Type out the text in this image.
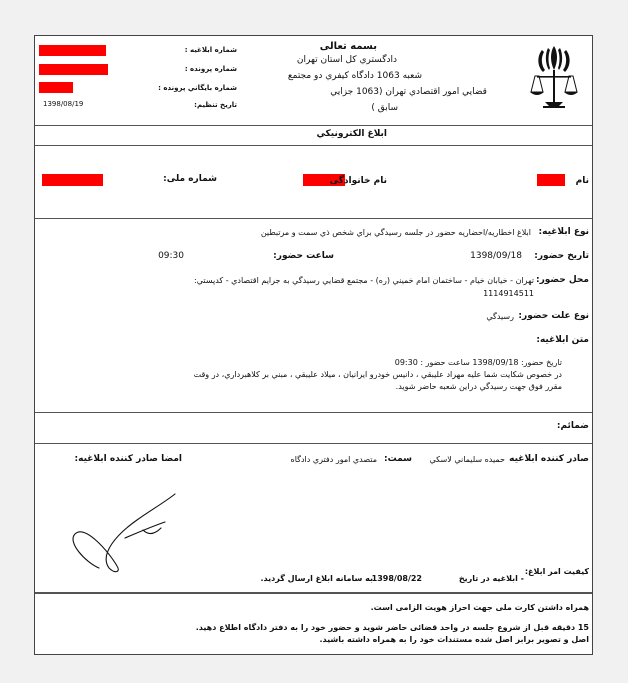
بسمه تعالی
دادگستري كل استان تهران
شعبه 1063 دادگاه كيفري دو مجتمع
قضايي امور اقتصادي تهران (1063 جزايي
سابق )
شماره ابلاغيه :
شماره پرونده :
شماره بايگاني پرونده :
تاريخ تنظيم:
1398/08/19
ابلاغ الكترونيكي
نام
نام خانوادگی
شماره ملی:
نوع ابلاغیه:
ابلاغ اخطاريه/احضاريه حضور در جلسه رسيدگي براي شخص ذي سمت و مرتبطين
تاریخ حضور:
1398/09/18
ساعت حضور:
09:30
محل حضور:
تهران - خيابان خيام - ساختمان امام خميني (ره) - مجتمع قضايي رسيدگي به جرايم اقتصادي - كدپستي:
1114914511
نوع علت حضور:
رسيدگي
متن ابلاغیه:
تاريخ حضور: 1398/09/18 ساعت حضور : 09:30
در خصوص شكايت شما عليه مهراد عليبقي ، دانيس خودرو ايرانيان ، ميلاد عليبقي ، مبني بر كلاهبرداري، در وقت
مقرر فوق جهت رسيدگي دراين شعبه حاضر شويد.
ضمائم:
صادر کننده ابلاغیه
حميده سليماني لاسكي
سمت:
متصدي امور دفتري دادگاه
امضا صادر کننده ابلاغیه:
کیفیت امر ابلاغ:
- ابلاغیه در تاریخ
1398/08/22
به سامانه ابلاغ ارسال گردید.
همراه داشتن كارت ملی جهت احراز هويت الزامی است.
15 دقيقه قبل از شروع جلسه در واحد قضائی حاضر شويد و حضور خود را به دفتر دادگاه اطلاع دهيد.
اصل و تصوير برابر اصل شده مستندات خود را به همراه داشته باشيد.
